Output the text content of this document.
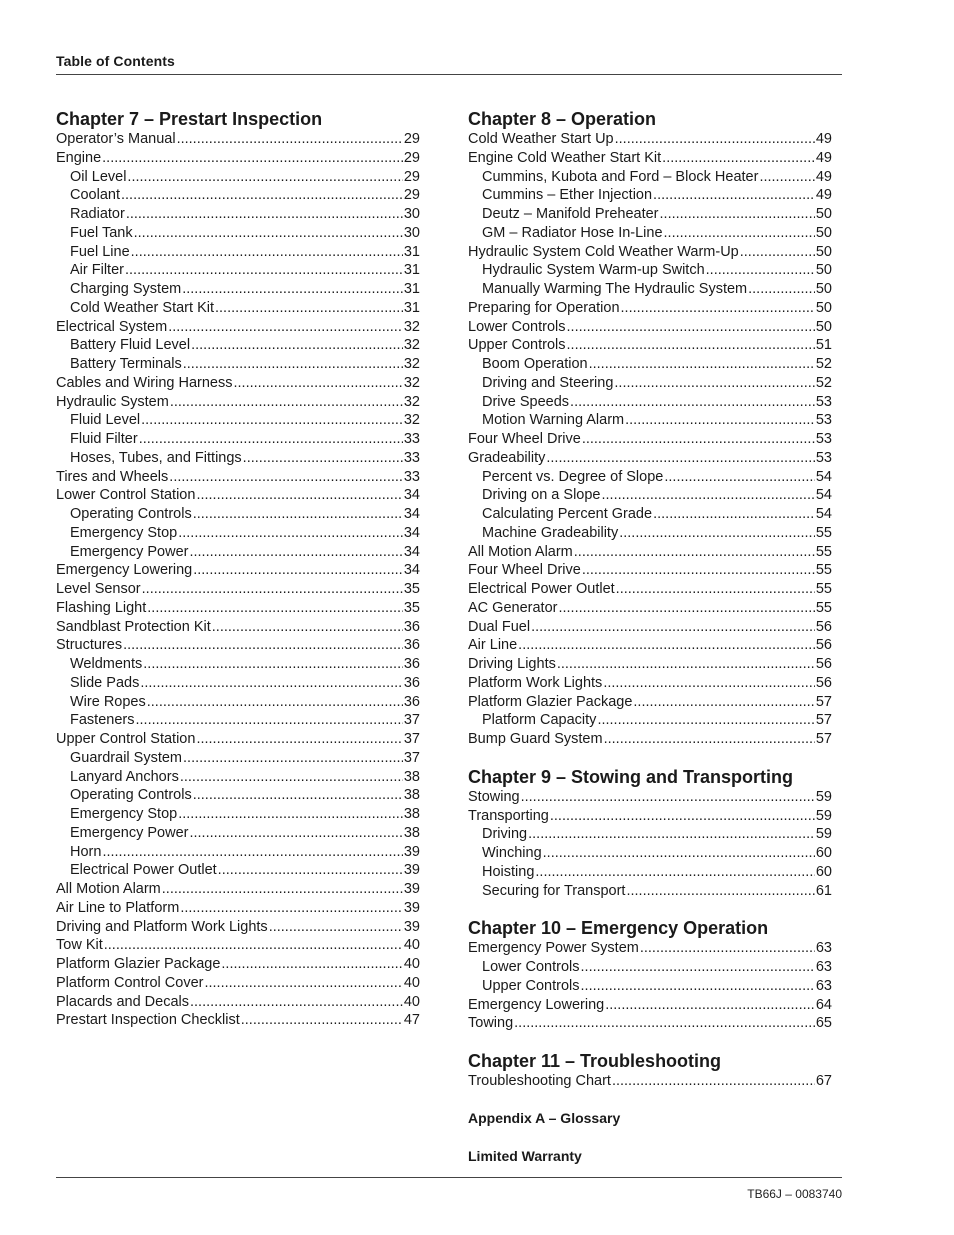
Table of Contents
Chapter 7 – Prestart Inspection
Operator’s Manual .....	29
Engine .....	29
Oil Level .....	29
Coolant .....	29
Radiator .....	30
Fuel Tank .....	30
Fuel Line .....	31
Air Filter .....	31
Charging System .....	31
Cold Weather Start Kit .....	31
Electrical System .....	32
Battery Fluid Level .....	32
Battery Terminals .....	32
Cables and Wiring Harness .....	32
Hydraulic System .....	32
Fluid Level .....	32
Fluid Filter .....	33
Hoses, Tubes, and Fittings .....	33
Tires and Wheels .....	33
Lower Control Station .....	34
Operating Controls .....	34
Emergency Stop .....	34
Emergency Power .....	34
Emergency Lowering .....	34
Level Sensor .....	35
Flashing Light .....	35
Sandblast Protection Kit .....	36
Structures .....	36
Weldments .....	36
Slide Pads .....	36
Wire Ropes .....	36
Fasteners .....	37
Upper Control Station .....	37
Guardrail System .....	37
Lanyard Anchors .....	38
Operating Controls .....	38
Emergency Stop .....	38
Emergency Power .....	38
Horn .....	39
Electrical Power Outlet .....	39
All Motion Alarm .....	39
Air Line to Platform .....	39
Driving and Platform Work Lights .....	39
Tow Kit .....	40
Platform Glazier Package .....	40
Platform Control Cover .....	40
Placards and Decals .....	40
Prestart Inspection Checklist .....	47
Chapter 8 – Operation
Cold Weather Start Up .....	49
Engine Cold Weather Start Kit .....	49
Cummins, Kubota and Ford – Block Heater .....	49
Cummins – Ether Injection .....	49
Deutz – Manifold Preheater .....	50
GM – Radiator Hose In-Line .....	50
Hydraulic System Cold Weather Warm-Up .....	50
Hydraulic System Warm-up Switch .....	50
Manually Warming The Hydraulic System .....	50
Preparing for Operation .....	50
Lower Controls .....	50
Upper Controls .....	51
Boom Operation .....	52
Driving and Steering .....	52
Drive Speeds .....	53
Motion Warning Alarm .....	53
Four Wheel Drive .....	53
Gradeability .....	53
Percent vs. Degree of Slope .....	54
Driving on a Slope .....	54
Calculating Percent Grade .....	54
Machine Gradeability .....	55
All Motion Alarm .....	55
Four Wheel Drive .....	55
Electrical Power Outlet .....	55
AC Generator .....	55
Dual Fuel .....	56
Air Line .....	56
Driving Lights .....	56
Platform Work Lights .....	56
Platform Glazier Package .....	57
Platform Capacity .....	57
Bump Guard System .....	57
Chapter 9 – Stowing and Transporting
Stowing .....	59
Transporting .....	59
Driving .....	59
Winching .....	60
Hoisting .....	60
Securing for Transport .....	61
Chapter 10 – Emergency Operation
Emergency Power System .....	63
Lower Controls .....	63
Upper Controls .....	63
Emergency Lowering .....	64
Towing .....	65
Chapter 11 – Troubleshooting
Troubleshooting Chart .....	67

Appendix A – Glossary

Limited Warranty

TB66J – 0083740
